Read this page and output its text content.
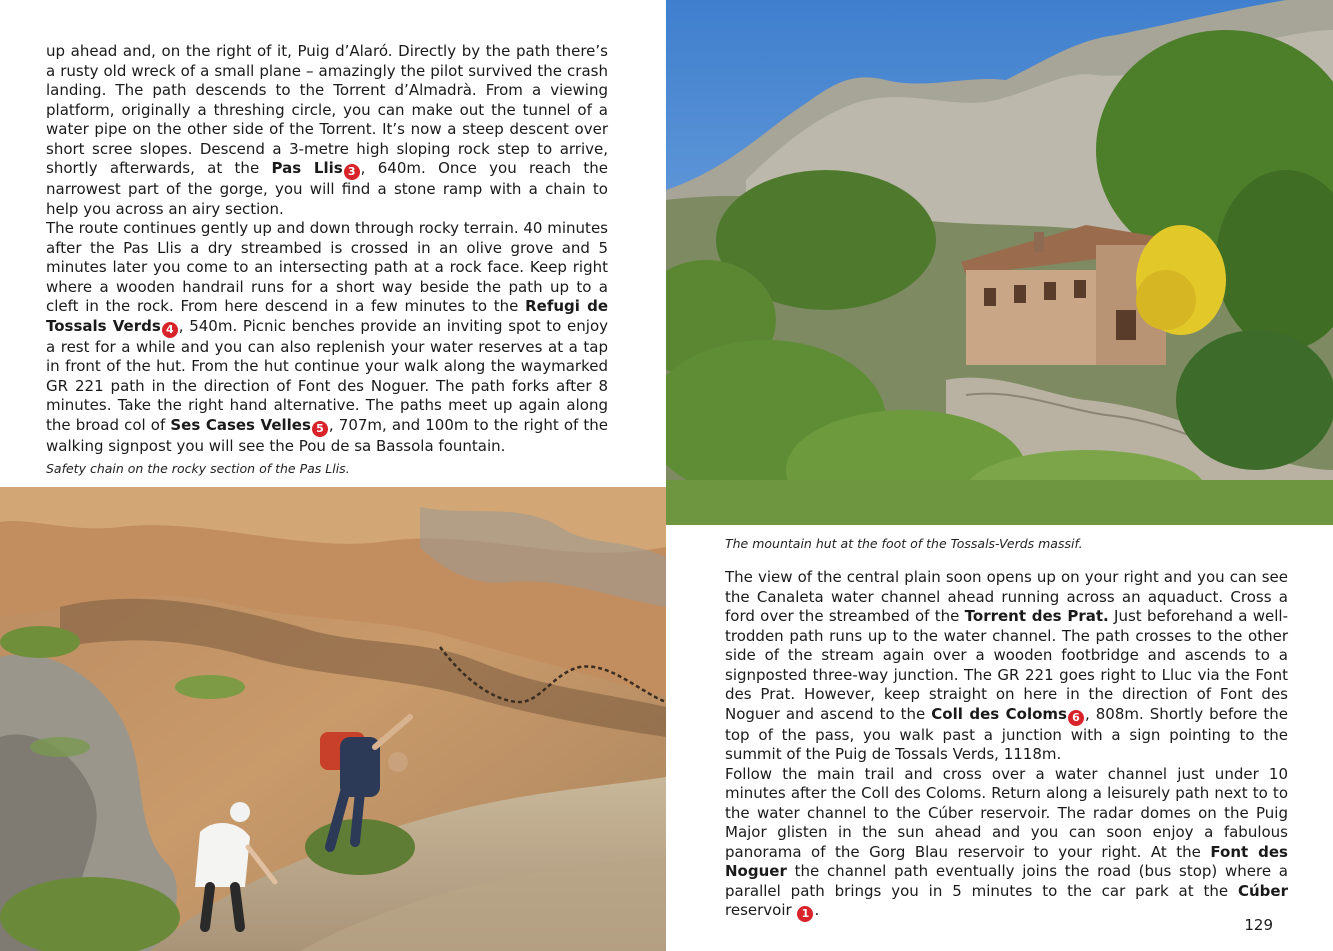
up ahead and, on the right of it, Puig d’Alaró. Directly by the path there’s a rusty old wreck of a small plane – amazingly the pilot survived the crash landing. The path descends to the Torrent d’Almadrà. From a viewing platform, originally a threshing circle, you can make out the tunnel of a water pipe on the other side of the Torrent. It’s now a steep descent over short scree slopes. Descend a 3-metre high sloping rock step to arrive, shortly afterwards, at the Pas Llis 3 , 640m. Once you reach the narrowest part of the gorge, you will find a stone ramp with a chain to help you across an airy section.

The route continues gently up and down through rocky terrain. 40 minutes after the Pas Llis a dry streambed is crossed in an olive grove and 5 minutes later you come to an intersecting path at a rock face. Keep right where a wooden handrail runs for a short way beside the path up to a cleft in the rock. From here descend in a few minutes to the Refugi de Tossals Verds 4 , 540m. Picnic benches provide an inviting spot to enjoy a rest for a while and you can also replenish your water reserves at a tap in front of the hut. From the hut continue your walk along the waymarked GR 221 path in the direction of Font des Noguer. The path forks after 8 minutes. Take the right hand alternative. The paths meet up again along the broad col of Ses Cases Velles 5 , 707m, and 100m to the right of the walking signpost you will see the Pou de sa Bassola fountain.

Safety chain on the rocky section of the Pas Llis.

The mountain hut at the foot of the Tossals-Verds massif.

The view of the central plain soon opens up on your right and you can see the Canaleta water channel ahead running across an aquaduct. Cross a ford over the streambed of the Torrent des Prat. Just beforehand a well-trodden path runs up to the water channel. The path crosses to the other side of the stream again over a wooden footbridge and ascends to a signposted three-way junction. The GR 221 goes right to Lluc via the Font des Prat. However, keep straight on here in the direction of Font des Noguer and ascend to the Coll des Coloms 6 , 808m. Shortly before the top of the pass, you walk past a junction with a sign pointing to the summit of the Puig de Tossals Verds, 1118m.

Follow the main trail and cross over a water channel just under 10 minutes after the Coll des Coloms. Return along a leisurely path next to to the water channel to the Cúber reservoir. The radar domes on the Puig Major glisten in the sun ahead and you can soon enjoy a fabulous panorama of the Gorg Blau reservoir to your right. At the Font des Noguer the channel path eventually joins the road (bus stop) where a parallel path brings you in 5 minutes to the car park at the Cúber reservoir 1 .

129
